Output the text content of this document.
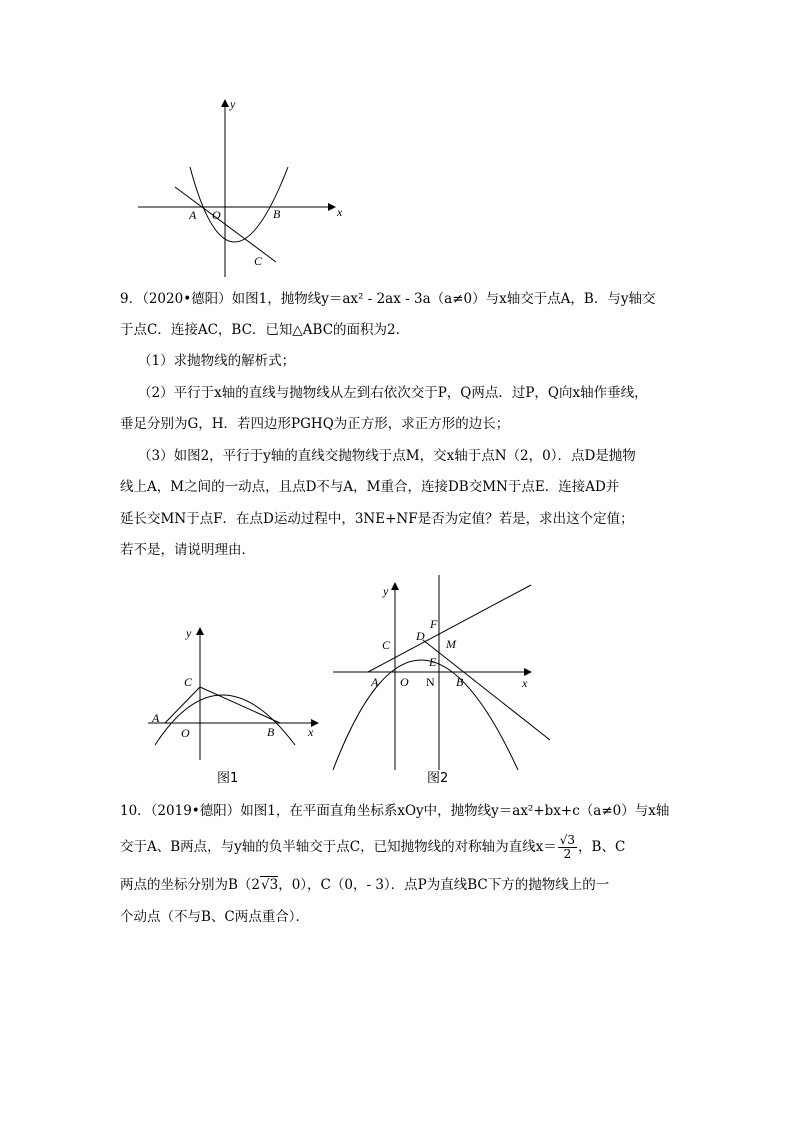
y
x
A O	B
C
9．（2020•德阳）如图1，抛物线y＝ax² - 2ax - 3a（a≠0）与x轴交于点A，B．与y轴交
于点C．连接AC，BC．已知△ABC的面积为2．
（1）求抛物线的解析式；
（2）平行于x轴的直线与抛物线从左到右依次交于P，Q两点．过P，Q向x轴作垂线，
垂足分别为G，H．若四边形PGHQ为正方形，求正方形的边长；
（3）如图2，平行于y轴的直线交抛物线于点M，交x轴于点N（2，0）．点D是抛物
线上A，M之间的一动点，且点D不与A，M重合，连接DB交MN于点E．连接AD并
延长交MN于点F．在点D运动过程中，3NE+NF是否为定值？若是，求出这个定值；
若不是，请说明理由．
y
x
C
A
O	B
图1
y
x
F
D
M
C
E
A O N B
图2
10．（2019•德阳）如图1，在平面直角坐标系xOy中，抛物线y＝ax²+bx+c（a≠0）与x轴
交于A、B两点，与y轴的负半轴交于点C，已知抛物线的对称轴为直线$x= \frac{√3}{2}$ ，B、C
两点的坐标分别为B（2√3，0），C（0，- 3）．点P为直线BC下方的抛物线上的一
个动点（不与B、C两点重合）．
